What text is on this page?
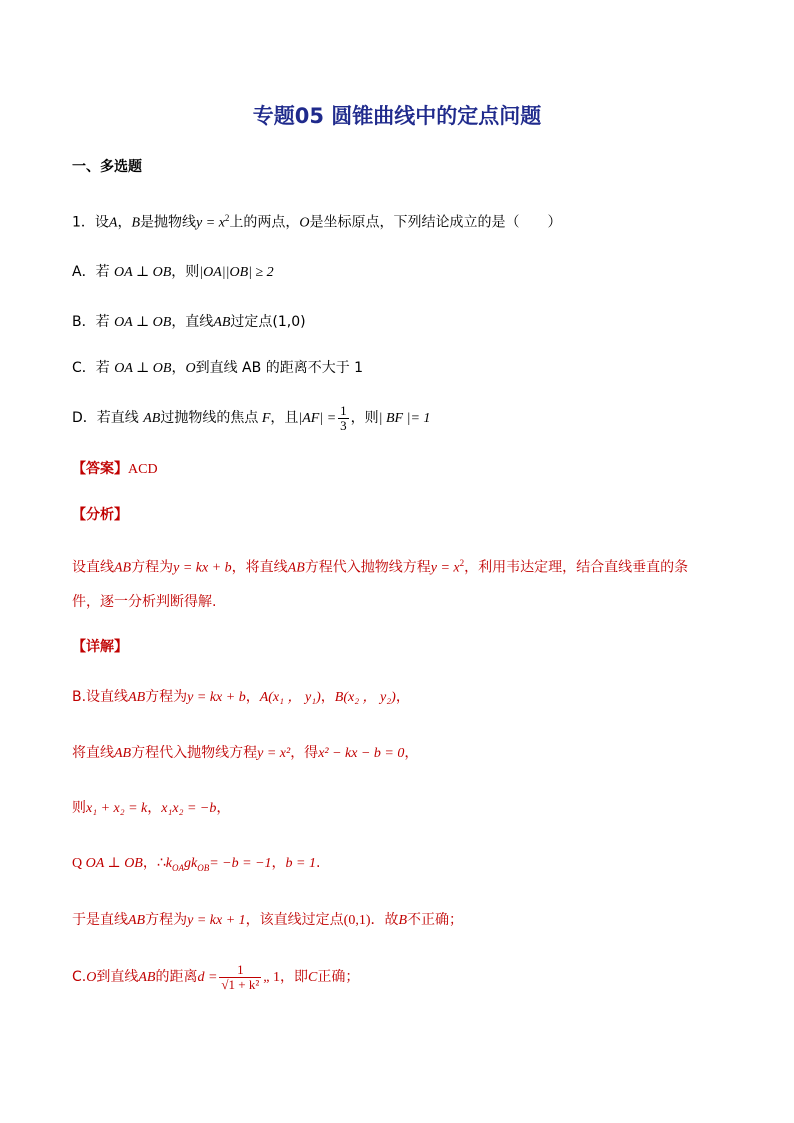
专题05 圆锥曲线中的定点问题
一、多选题
1．设A，B是抛物线$y = x^2$上的两点，O是坐标原点，下列结论成立的是（　　）
A．若 OA ⊥ OB，则|OA||OB| ≥ 2
B．若 OA ⊥ OB，直线AB过定点(1,0)
C．若 OA ⊥ OB，O到直线 AB 的距离不大于 1
D．若直线 AB过抛物线的焦点 F，且$|AF| = \frac{1}{3}$ ，则| BF |= 1
【答案】ACD
【分析】
设直线AB方程为y = kx + b，将直线AB方程代入抛物线方程$y = x^2$，利用韦达定理，结合直线垂直的条
件，逐一分析判断得解.
【详解】
B.设直线AB方程为y = kx + b，A(x₁ ， y₁)，B(x₂ ， y₂)，
将直线AB方程代入抛物线方程y = x²，得x² − kx − b = 0，
则x₁ + x₂ = k，x₁x₂ = −b，
Q OA ⊥ OB，$\therefore k_{OA}gk_{OB}= -b = -1$，b = 1.
于是直线AB方程为y = kx + 1，该直线过定点(0,1)．故B不正确；
C.O到直线AB的距离$d = \frac{1}{\text{√1 + k²}}$ „ 1，即C正确；
